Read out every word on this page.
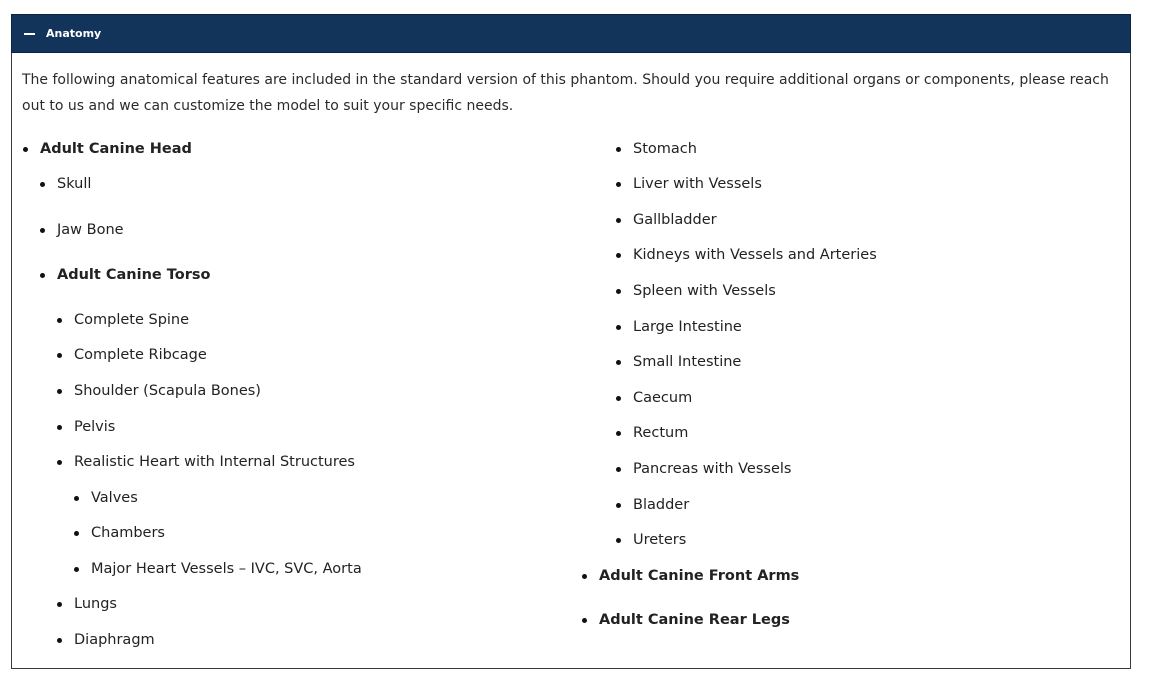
Anatomy

The following anatomical features are included in the standard version of this phantom. Should you require additional organs or components, please reach out to us and we can customize the model to suit your specific needs.

Adult Canine Head
Skull
Jaw Bone
Adult Canine Torso
Complete Spine
Complete Ribcage
Shoulder (Scapula Bones)
Pelvis
Realistic Heart with Internal Structures
Valves
Chambers
Major Heart Vessels – IVC, SVC, Aorta
Lungs
Diaphragm
Stomach
Liver with Vessels
Gallbladder
Kidneys with Vessels and Arteries
Spleen with Vessels
Large Intestine
Small Intestine
Caecum
Rectum
Pancreas with Vessels
Bladder
Ureters
Adult Canine Front Arms
Adult Canine Rear Legs
